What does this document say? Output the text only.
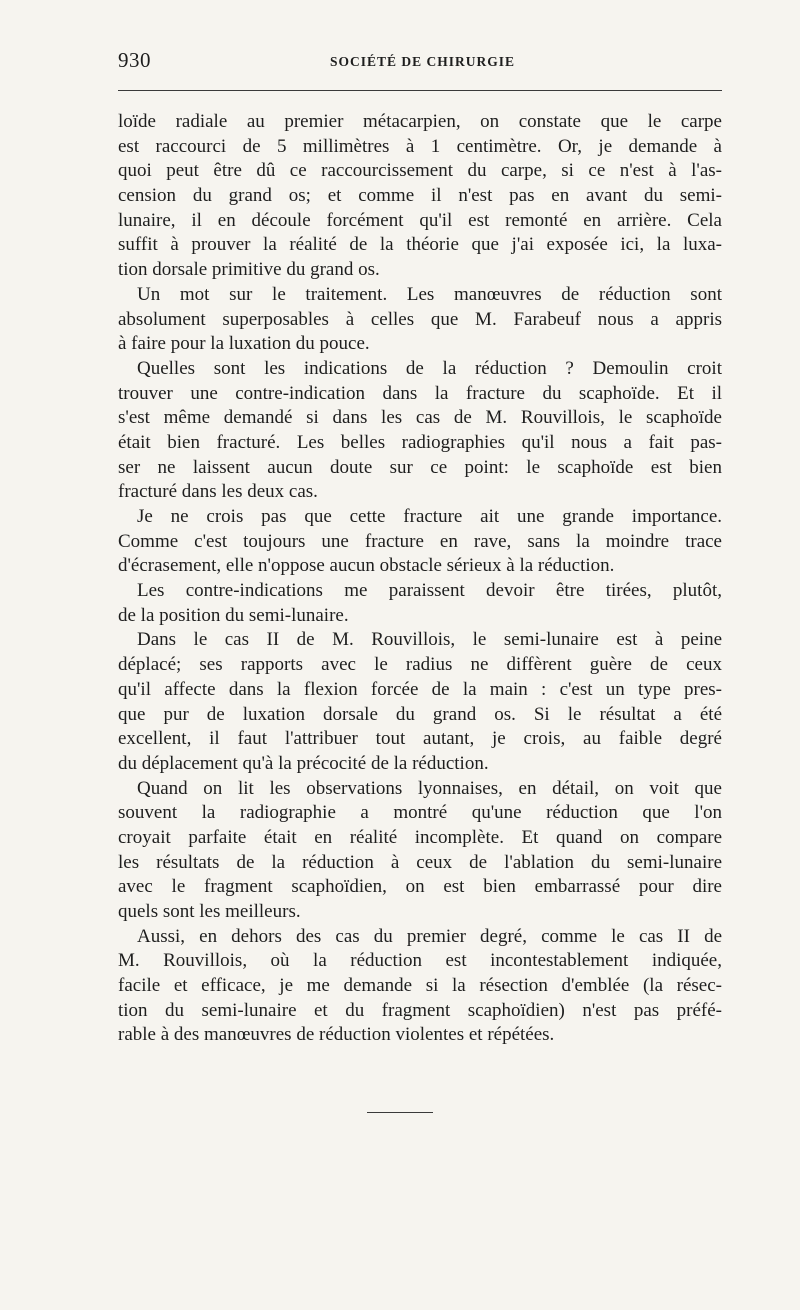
930	SOCIÉTÉ DE CHIRURGIE
loïde radiale au premier métacarpien, on constate que le carpe
est raccourci de 5 millimètres à 1 centimètre. Or, je demande à
quoi peut être dû ce raccourcissement du carpe, si ce n'est à l'as-
cension du grand os; et comme il n'est pas en avant du semi-
lunaire, il en découle forcément qu'il est remonté en arrière. Cela
suffit à prouver la réalité de la théorie que j'ai exposée ici, la luxa-
tion dorsale primitive du grand os.
Un mot sur le traitement. Les manœuvres de réduction sont
absolument superposables à celles que M. Farabeuf nous a appris
à faire pour la luxation du pouce.
Quelles sont les indications de la réduction ? Demoulin croit
trouver une contre-indication dans la fracture du scaphoïde. Et il
s'est même demandé si dans les cas de M. Rouvillois, le scaphoïde
était bien fracturé. Les belles radiographies qu'il nous a fait pas-
ser ne laissent aucun doute sur ce point: le scaphoïde est bien
fracturé dans les deux cas.
Je ne crois pas que cette fracture ait une grande importance.
Comme c'est toujours une fracture en rave, sans la moindre trace
d'écrasement, elle n'oppose aucun obstacle sérieux à la réduction.
Les contre-indications me paraissent devoir être tirées, plutôt,
de la position du semi-lunaire.
Dans le cas II de M. Rouvillois, le semi-lunaire est à peine
déplacé; ses rapports avec le radius ne diffèrent guère de ceux
qu'il affecte dans la flexion forcée de la main : c'est un type pres-
que pur de luxation dorsale du grand os. Si le résultat a été
excellent, il faut l'attribuer tout autant, je crois, au faible degré
du déplacement qu'à la précocité de la réduction.
Quand on lit les observations lyonnaises, en détail, on voit que
souvent la radiographie a montré qu'une réduction que l'on
croyait parfaite était en réalité incomplète. Et quand on compare
les résultats de la réduction à ceux de l'ablation du semi-lunaire
avec le fragment scaphoïdien, on est bien embarrassé pour dire
quels sont les meilleurs.
Aussi, en dehors des cas du premier degré, comme le cas II de
M. Rouvillois, où la réduction est incontestablement indiquée,
facile et efficace, je me demande si la résection d'emblée (la résec-
tion du semi-lunaire et du fragment scaphoïdien) n'est pas préfé-
rable à des manœuvres de réduction violentes et répétées.
